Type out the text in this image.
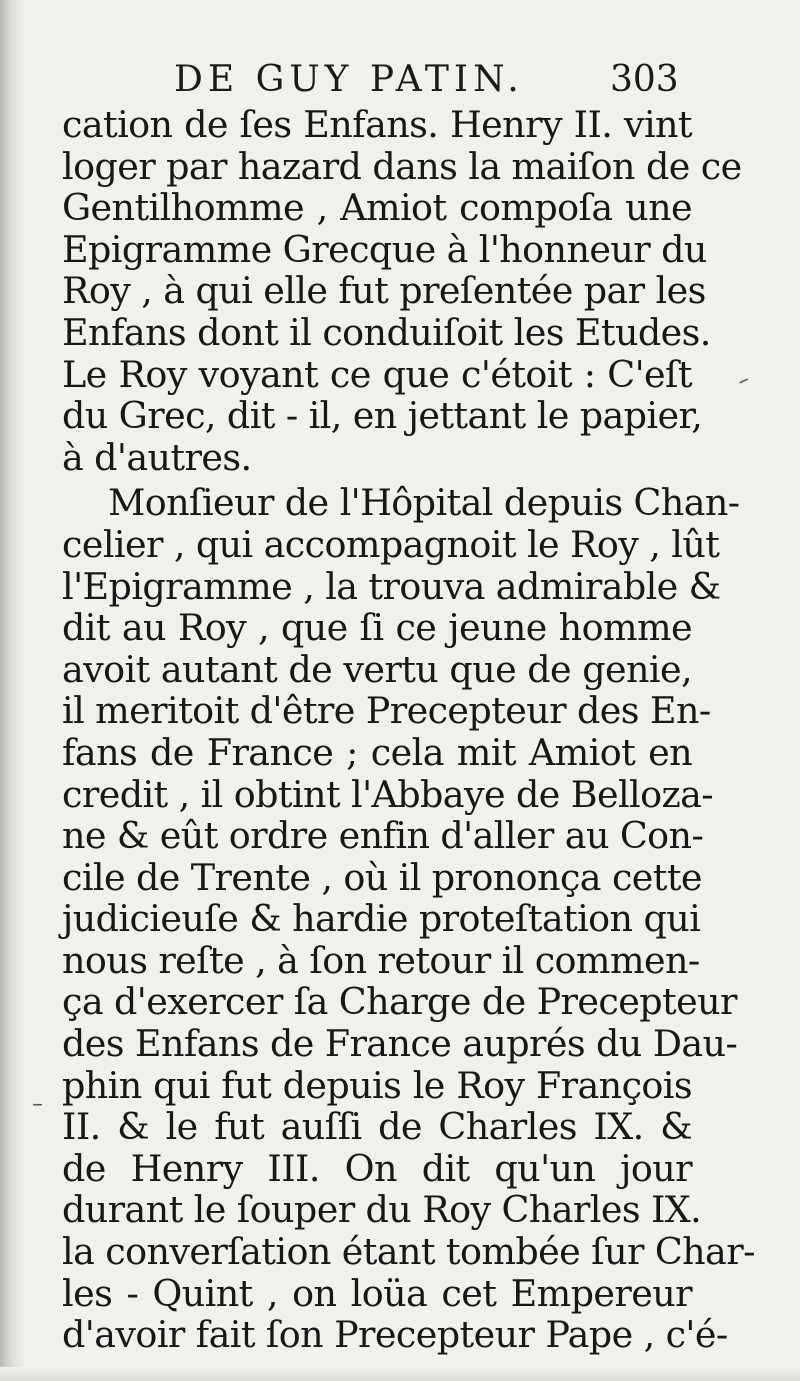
DE GUY PATIN. 303
cation de ſes Enfans. Henry II. vint
loger par hazard dans la maiſon de ce
Gentilhomme , Amiot compoſa une
Epigramme Grecque à l'honneur du
Roy , à qui elle fut preſentée par les
Enfans dont il conduiſoit les Etudes.
Le Roy voyant ce que c'étoit : C'eſt
du Grec, dit - il, en jettant le papier,
à d'autres.
Monſieur de l'Hôpital depuis Chan-
celier , qui accompagnoit le Roy , lût
l'Epigramme , la trouva admirable &
dit au Roy , que ſi ce jeune homme
avoit autant de vertu que de genie,
il meritoit d'être Precepteur des En-
fans de France ; cela mit Amiot en
credit , il obtint l'Abbaye de Belloza-
ne & eût ordre enfin d'aller au Con-
cile de Trente , où il prononça cette
judicieuſe & hardie proteſtation qui
nous reſte , à ſon retour il commen-
ça d'exercer ſa Charge de Precepteur
des Enfans de France auprés du Dau-
phin qui fut depuis le Roy François
II. & le fut auſſi de Charles IX. &
de Henry III. On dit qu'un jour
durant le ſouper du Roy Charles IX.
la converſation étant tombée ſur Char-
les - Quint , on loüa cet Empereur
d'avoir fait ſon Precepteur Pape , c'é-
–
–
